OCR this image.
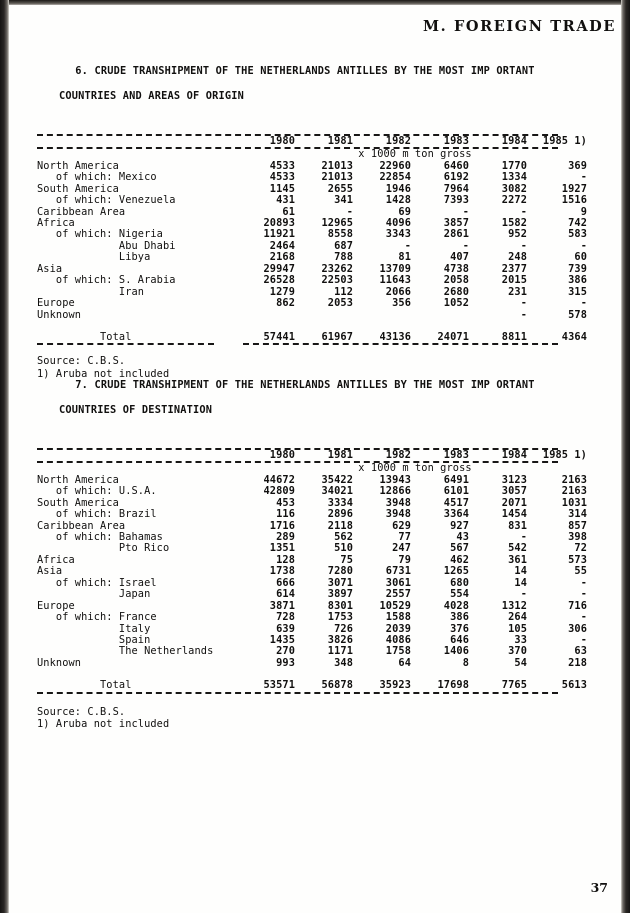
M. FOREIGN TRADE

6. CRUDE TRANSHIPMENT OF THE NETHERLANDS ANTILLES BY THE MOST IMP ORTANT

COUNTRIES AND AREAS OF ORIGIN

	1980	1981	1982	1983	1984	1985 1)
	x 1000 m ton gross					
North America	4533	21013	22960	6460	1770	369
of which: Mexico	4533	21013	22854	6192	1334	-
South America	1145	2655	1946	7964	3082	1927
of which: Venezuela	431	341	1428	7393	2272	1516
Caribbean Area	61	-	69	-	-	9
Africa	20893	12965	4096	3857	1582	742
of which: Nigeria	11921	8558	3343	2861	952	583
Abu Dhabi	2464	687	-	-	-	-
Libya	2168	788	81	407	248	60
Asia	29947	23262	13709	4738	2377	739
of which: S. Arabia	26528	22503	11643	2058	2015	386
Iran	1279	112	2066	2680	231	315
Europe	862	2053	356	1052	-	-
Unknown					-	578

Total	57441	61967	43136	24071	8811	4364
Source: C.B.S.
1) Aruba not included

7. CRUDE TRANSHIPMENT OF THE NETHERLANDS ANTILLES BY THE MOST IMP ORTANT

COUNTRIES OF DESTINATION

	1980	1981	1982	1983	1984	1985 1)
	x 1000 m ton gross					
North America	44672	35422	13943	6491	3123	2163
of which: U.S.A.	42809	34021	12866	6101	3057	2163
South America	453	3334	3948	4517	2071	1031
of which: Brazil	116	2896	3948	3364	1454	314
Caribbean Area	1716	2118	629	927	831	857
of which: Bahamas	289	562	77	43	-	398
Pto Rico	1351	510	247	567	542	72
Africa	128	75	79	462	361	573
Asia	1738	7280	6731	1265	14	55
of which: Israel	666	3071	3061	680	14	-
Japan	614	3897	2557	554	-	-
Europe	3871	8301	10529	4028	1312	716
of which: France	728	1753	1588	386	264	-
Italy	639	726	2039	376	105	306
Spain	1435	3826	4086	646	33	-
The Netherlands	270	1171	1758	1406	370	63
Unknown	993	348	64	8	54	218

Total	53571	56878	35923	17698	7765	5613
Source: C.B.S.
1) Aruba not included
37
